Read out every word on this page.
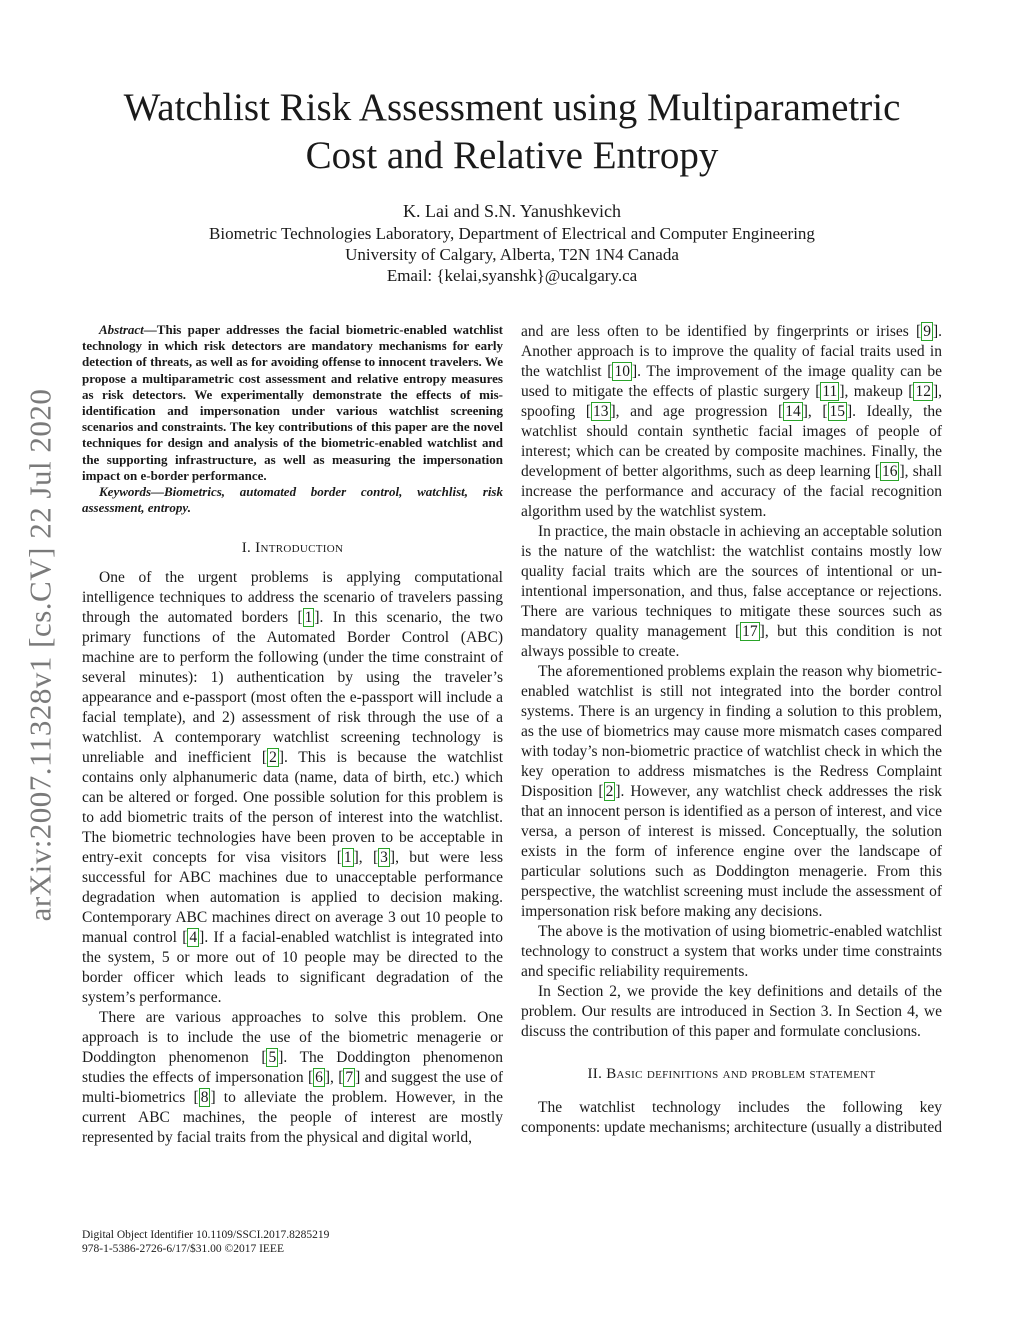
arXiv:2007.11328v1 [cs.CV] 22 Jul 2020
Watchlist Risk Assessment using Multiparametric
Cost and Relative Entropy
K. Lai and S.N. Yanushkevich
Biometric Technologies Laboratory, Department of Electrical and Computer Engineering
University of Calgary, Alberta, T2N 1N4 Canada
Email: {kelai,syanshk}@ucalgary.ca

Abstract—This paper addresses the facial biometric-enabled watchlist technology in which risk detectors are mandatory mechanisms for early detection of threats, as well as for avoiding offense to innocent travelers. We propose a multiparametric cost assessment and relative entropy measures as risk detectors. We experimentally demonstrate the effects of mis-identification and impersonation under various watchlist screening scenarios and constraints. The key contributions of this paper are the novel techniques for design and analysis of the biometric-enabled watchlist and the supporting infrastructure, as well as measuring the impersonation impact on e-border performance.

Keywords—Biometrics, automated border control, watchlist, risk assessment, entropy.

I. Introduction

One of the urgent problems is applying computational intelligence techniques to address the scenario of travelers passing through the automated borders [ 1 ]. In this scenario, the two primary functions of the Automated Border Control (ABC) machine are to perform the following (under the time constraint of several minutes): 1) authentication by using the traveler’s appearance and e-passport (most often the e-passport will include a facial template), and 2) assessment of risk through the use of a watchlist. A contemporary watchlist screening technology is unreliable and inefficient [ 2 ]. This is because the watchlist contains only alphanumeric data (name, data of birth, etc.) which can be altered or forged. One possible solution for this problem is to add biometric traits of the person of interest into the watchlist. The biometric technologies have been proven to be acceptable in entry-exit concepts for visa visitors [ 1 ], [ 3 ], but were less successful for ABC machines due to unacceptable performance degradation when automation is applied to decision making. Contemporary ABC machines direct on average 3 out 10 people to manual control [ 4 ]. If a facial-enabled watchlist is integrated into the system, 5 or more out of 10 people may be directed to the border officer which leads to significant degradation of the system’s performance.

There are various approaches to solve this problem. One approach is to include the use of the biometric menagerie or Doddington phenomenon [ 5 ]. The Doddington phenomenon studies the effects of impersonation [ 6 ], [ 7 ] and suggest the use of multi-biometrics [ 8 ] to alleviate the problem. However, in the current ABC machines, the people of interest are mostly represented by facial traits from the physical and digital world,

and are less often to be identified by fingerprints or irises [ 9 ]. Another approach is to improve the quality of facial traits used in the watchlist [ 10 ]. The improvement of the image quality can be used to mitigate the effects of plastic surgery [ 11 ], makeup [ 12 ], spoofing [ 13 ], and age progression [ 14 ], [ 15 ]. Ideally, the watchlist should contain synthetic facial images of people of interest; which can be created by composite machines. Finally, the development of better algorithms, such as deep learning [ 16 ], shall increase the performance and accuracy of the facial recognition algorithm used by the watchlist system.

In practice, the main obstacle in achieving an acceptable solution is the nature of the watchlist: the watchlist contains mostly low quality facial traits which are the sources of intentional or un-intentional impersonation, and thus, false acceptance or rejections. There are various techniques to mitigate these sources such as mandatory quality management [ 17 ], but this condition is not always possible to create.

The aforementioned problems explain the reason why biometric-enabled watchlist is still not integrated into the border control systems. There is an urgency in finding a solution to this problem, as the use of biometrics may cause more mismatch cases compared with today’s non-biometric practice of watchlist check in which the key operation to address mismatches is the Redress Complaint Disposition [ 2 ]. However, any watchlist check addresses the risk that an innocent person is identified as a person of interest, and vice versa, a person of interest is missed. Conceptually, the solution exists in the form of inference engine over the landscape of particular solutions such as Doddington menagerie. From this perspective, the watchlist screening must include the assessment of impersonation risk before making any decisions.

The above is the motivation of using biometric-enabled watchlist technology to construct a system that works under time constraints and specific reliability requirements.

In Section 2, we provide the key definitions and details of the problem. Our results are introduced in Section 3. In Section 4, we discuss the contribution of this paper and formulate conclusions.

II. Basic definitions and problem statement

The watchlist technology includes the following key components: update mechanisms; architecture (usually a distributed

Digital Object Identifier 10.1109/SSCI.2017.8285219
978-1-5386-2726-6/17/$31.00 ©2017 IEEE
